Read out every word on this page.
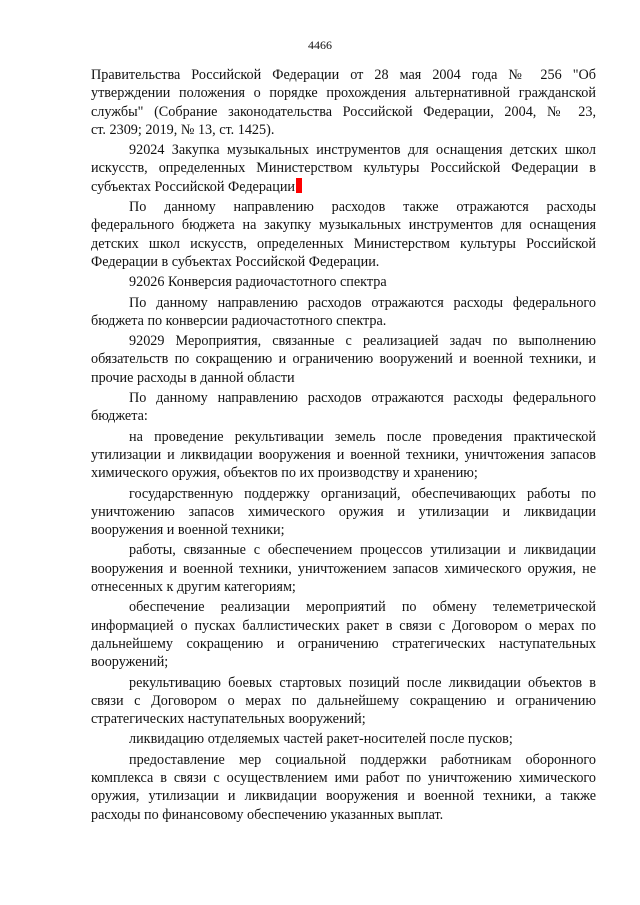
4466

Правительства Российской Федерации от 28 мая 2004 года № 256 "Об утверждении положения о порядке прохождения альтернативной гражданской службы" (Собрание законодательства Российской Федерации, 2004, № 23,

ст. 2309; 2019, № 13, ст. 1425).

92024 Закупка музыкальных инструментов для оснащения детских школ искусств, определенных Министерством культуры Российской Федерации в субъектах Российской Федерации

По данному направлению расходов также отражаются расходы федерального бюджета на закупку музыкальных инструментов для оснащения детских школ искусств, определенных Министерством культуры Российской Федерации в субъектах Российской Федерации.

92026 Конверсия радиочастотного спектра

По данному направлению расходов отражаются расходы федерального бюджета по конверсии радиочастотного спектра.

92029 Мероприятия, связанные с реализацией задач по выполнению обязательств по сокращению и ограничению вооружений и военной техники, и прочие расходы в данной области

По данному направлению расходов отражаются расходы федерального бюджета:

на проведение рекультивации земель после проведения практической утилизации и ликвидации вооружения и военной техники, уничтожения запасов химического оружия, объектов по их производству и хранению;

государственную поддержку организаций, обеспечивающих работы по уничтожению запасов химического оружия и утилизации и ликвидации вооружения и военной техники;

работы, связанные с обеспечением процессов утилизации и ликвидации вооружения и военной техники, уничтожением запасов химического оружия, не отнесенных к другим категориям;

обеспечение реализации мероприятий по обмену телеметрической информацией о пусках баллистических ракет в связи с Договором о мерах по дальнейшему сокращению и ограничению стратегических наступательных вооружений;

рекультивацию боевых стартовых позиций после ликвидации объектов в связи с Договором о мерах по дальнейшему сокращению и ограничению стратегических наступательных вооружений;

ликвидацию отделяемых частей ракет-носителей после пусков;

предоставление мер социальной поддержки работникам оборонного комплекса в связи с осуществлением ими работ по уничтожению химического оружия, утилизации и ликвидации вооружения и военной техники, а также расходы по финансовому обеспечению указанных выплат.
